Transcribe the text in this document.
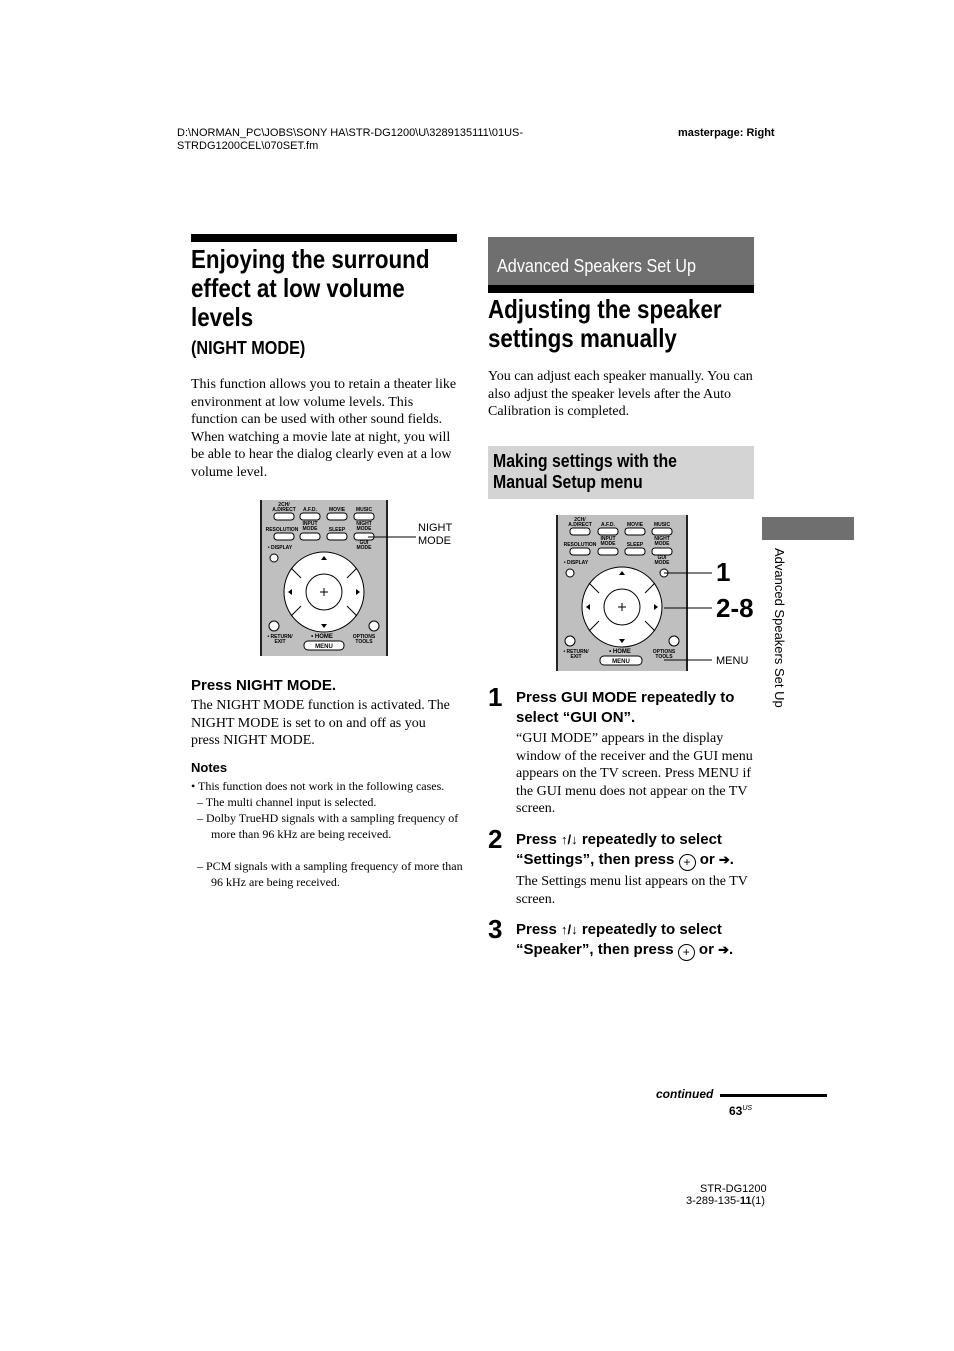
D:\NORMAN_PC\JOBS\SONY HA\STR-DG1200\U\3289135111\01US-
STRDG1200CEL\070SET.fm
masterpage: Right
Enjoying the surround
effect at low volume
levels
(NIGHT MODE)
This function allows you to retain a theater like environment at low volume levels. This function can be used with other sound fields. When watching a movie late at night, you will be able to hear the dialog clearly even at a low volume level.
2CH/
A.DIRECT A.F.D. MOVIE MUSIC
RESOLUTION
INPUT
MODE SLEEP
NIGHT
MODE
GUI
MODE
• DISPLAY
• RETURN/
EXIT
• HOME	OPTIONS
TOOLS
MENU
NIGHT
MODE
Press NIGHT MODE.
The NIGHT MODE function is activated. The NIGHT MODE is set to on and off as you press NIGHT MODE.
Notes
• This function does not work in the following cases.
– The multi channel input is selected.
– Dolby TrueHD signals with a sampling frequency of more than 96 kHz are being received.
– PCM signals with a sampling frequency of more than 96 kHz are being received.
Advanced Speakers Set Up
Adjusting the speaker
settings manually
You can adjust each speaker manually. You can also adjust the speaker levels after the Auto Calibration is completed.
Making settings with the
Manual Setup menu
2CH/
A.DIRECT A.F.D. MOVIE MUSIC
RESOLUTION
INPUT
MODE SLEEP
NIGHT
MODE
GUI
MODE
• DISPLAY
• RETURN/
EXIT
• HOME	OPTIONS
TOOLS
MENU
1
2-8
MENU
1 Press GUI MODE repeatedly to select “GUI ON”.
“GUI MODE” appears in the display window of the receiver and the GUI menu appears on the TV screen. Press MENU if the GUI menu does not appear on the TV screen.
2 Press ↑/↓ repeatedly to select
“Settings”, then press + or ➔.
The Settings menu list appears on the TV screen.
3 Press ↑/↓ repeatedly to select
“Speaker”, then press + or ➔.
Advanced Speakers Set Up
continued
$63^{US}$
STR-DG1200
3-289-135-11(1)
